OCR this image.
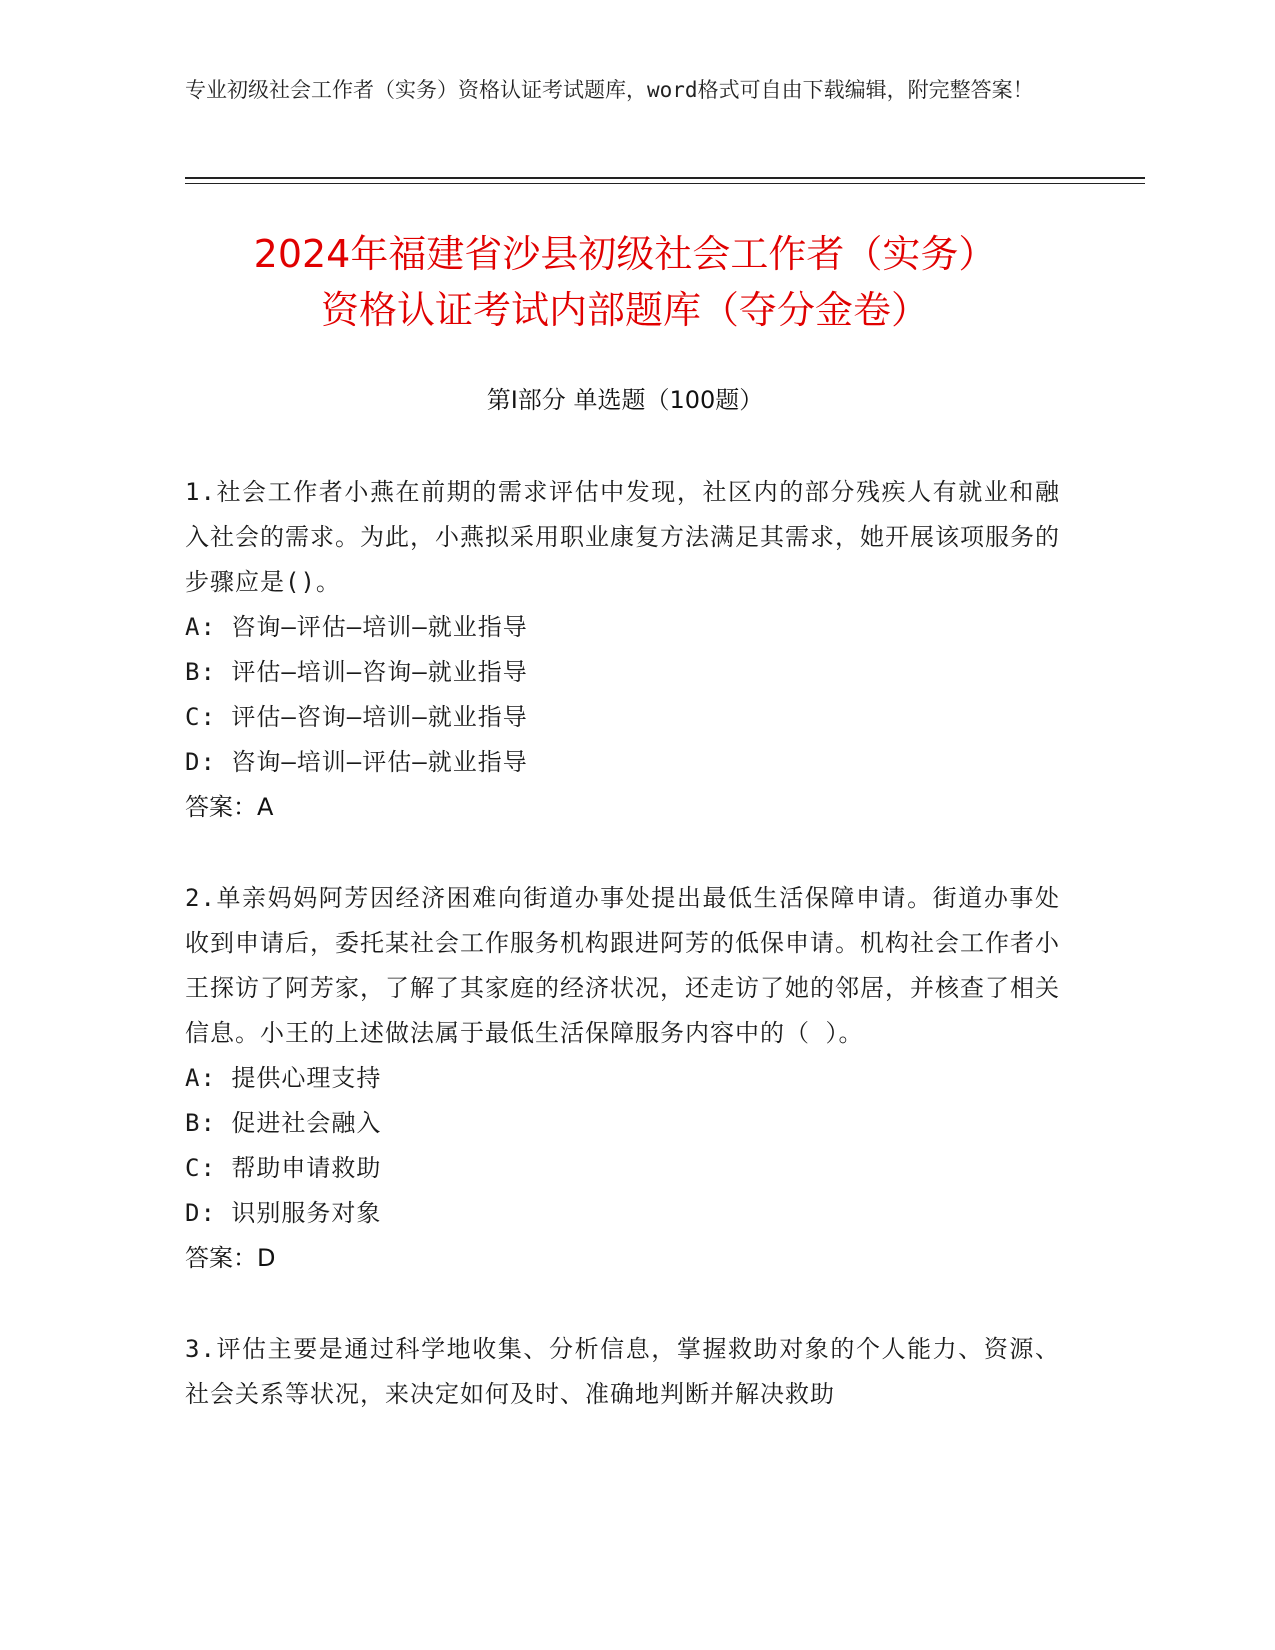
专业初级社会工作者（实务）资格认证考试题库，word格式可自由下载编辑，附完整答案！
2024年福建省沙县初级社会工作者（实务）
资格认证考试内部题库（夺分金卷）
第Ⅰ部分 单选题（100题）
1.社会工作者小燕在前期的需求评估中发现，社区内的部分残疾人有就业和融入社会的需求。为此，小燕拟采用职业康复方法满足其需求，她开展该项服务的步骤应是()。
A: 咨询—评估—培训—就业指导
B: 评估—培训—咨询—就业指导
C: 评估—咨询—培训—就业指导
D: 咨询—培训—评估—就业指导
答案：A
2.单亲妈妈阿芳因经济困难向街道办事处提出最低生活保障申请。街道办事处收到申请后，委托某社会工作服务机构跟进阿芳的低保申请。机构社会工作者小王探访了阿芳家，了解了其家庭的经济状况，还走访了她的邻居，并核查了相关信息。小王的上述做法属于最低生活保障服务内容中的（ ）。
A: 提供心理支持
B: 促进社会融入
C: 帮助申请救助
D: 识别服务对象
答案：D
3.评估主要是通过科学地收集、分析信息，掌握救助对象的个人能力、资源、社会关系等状况，来决定如何及时、准确地判断并解决救助
